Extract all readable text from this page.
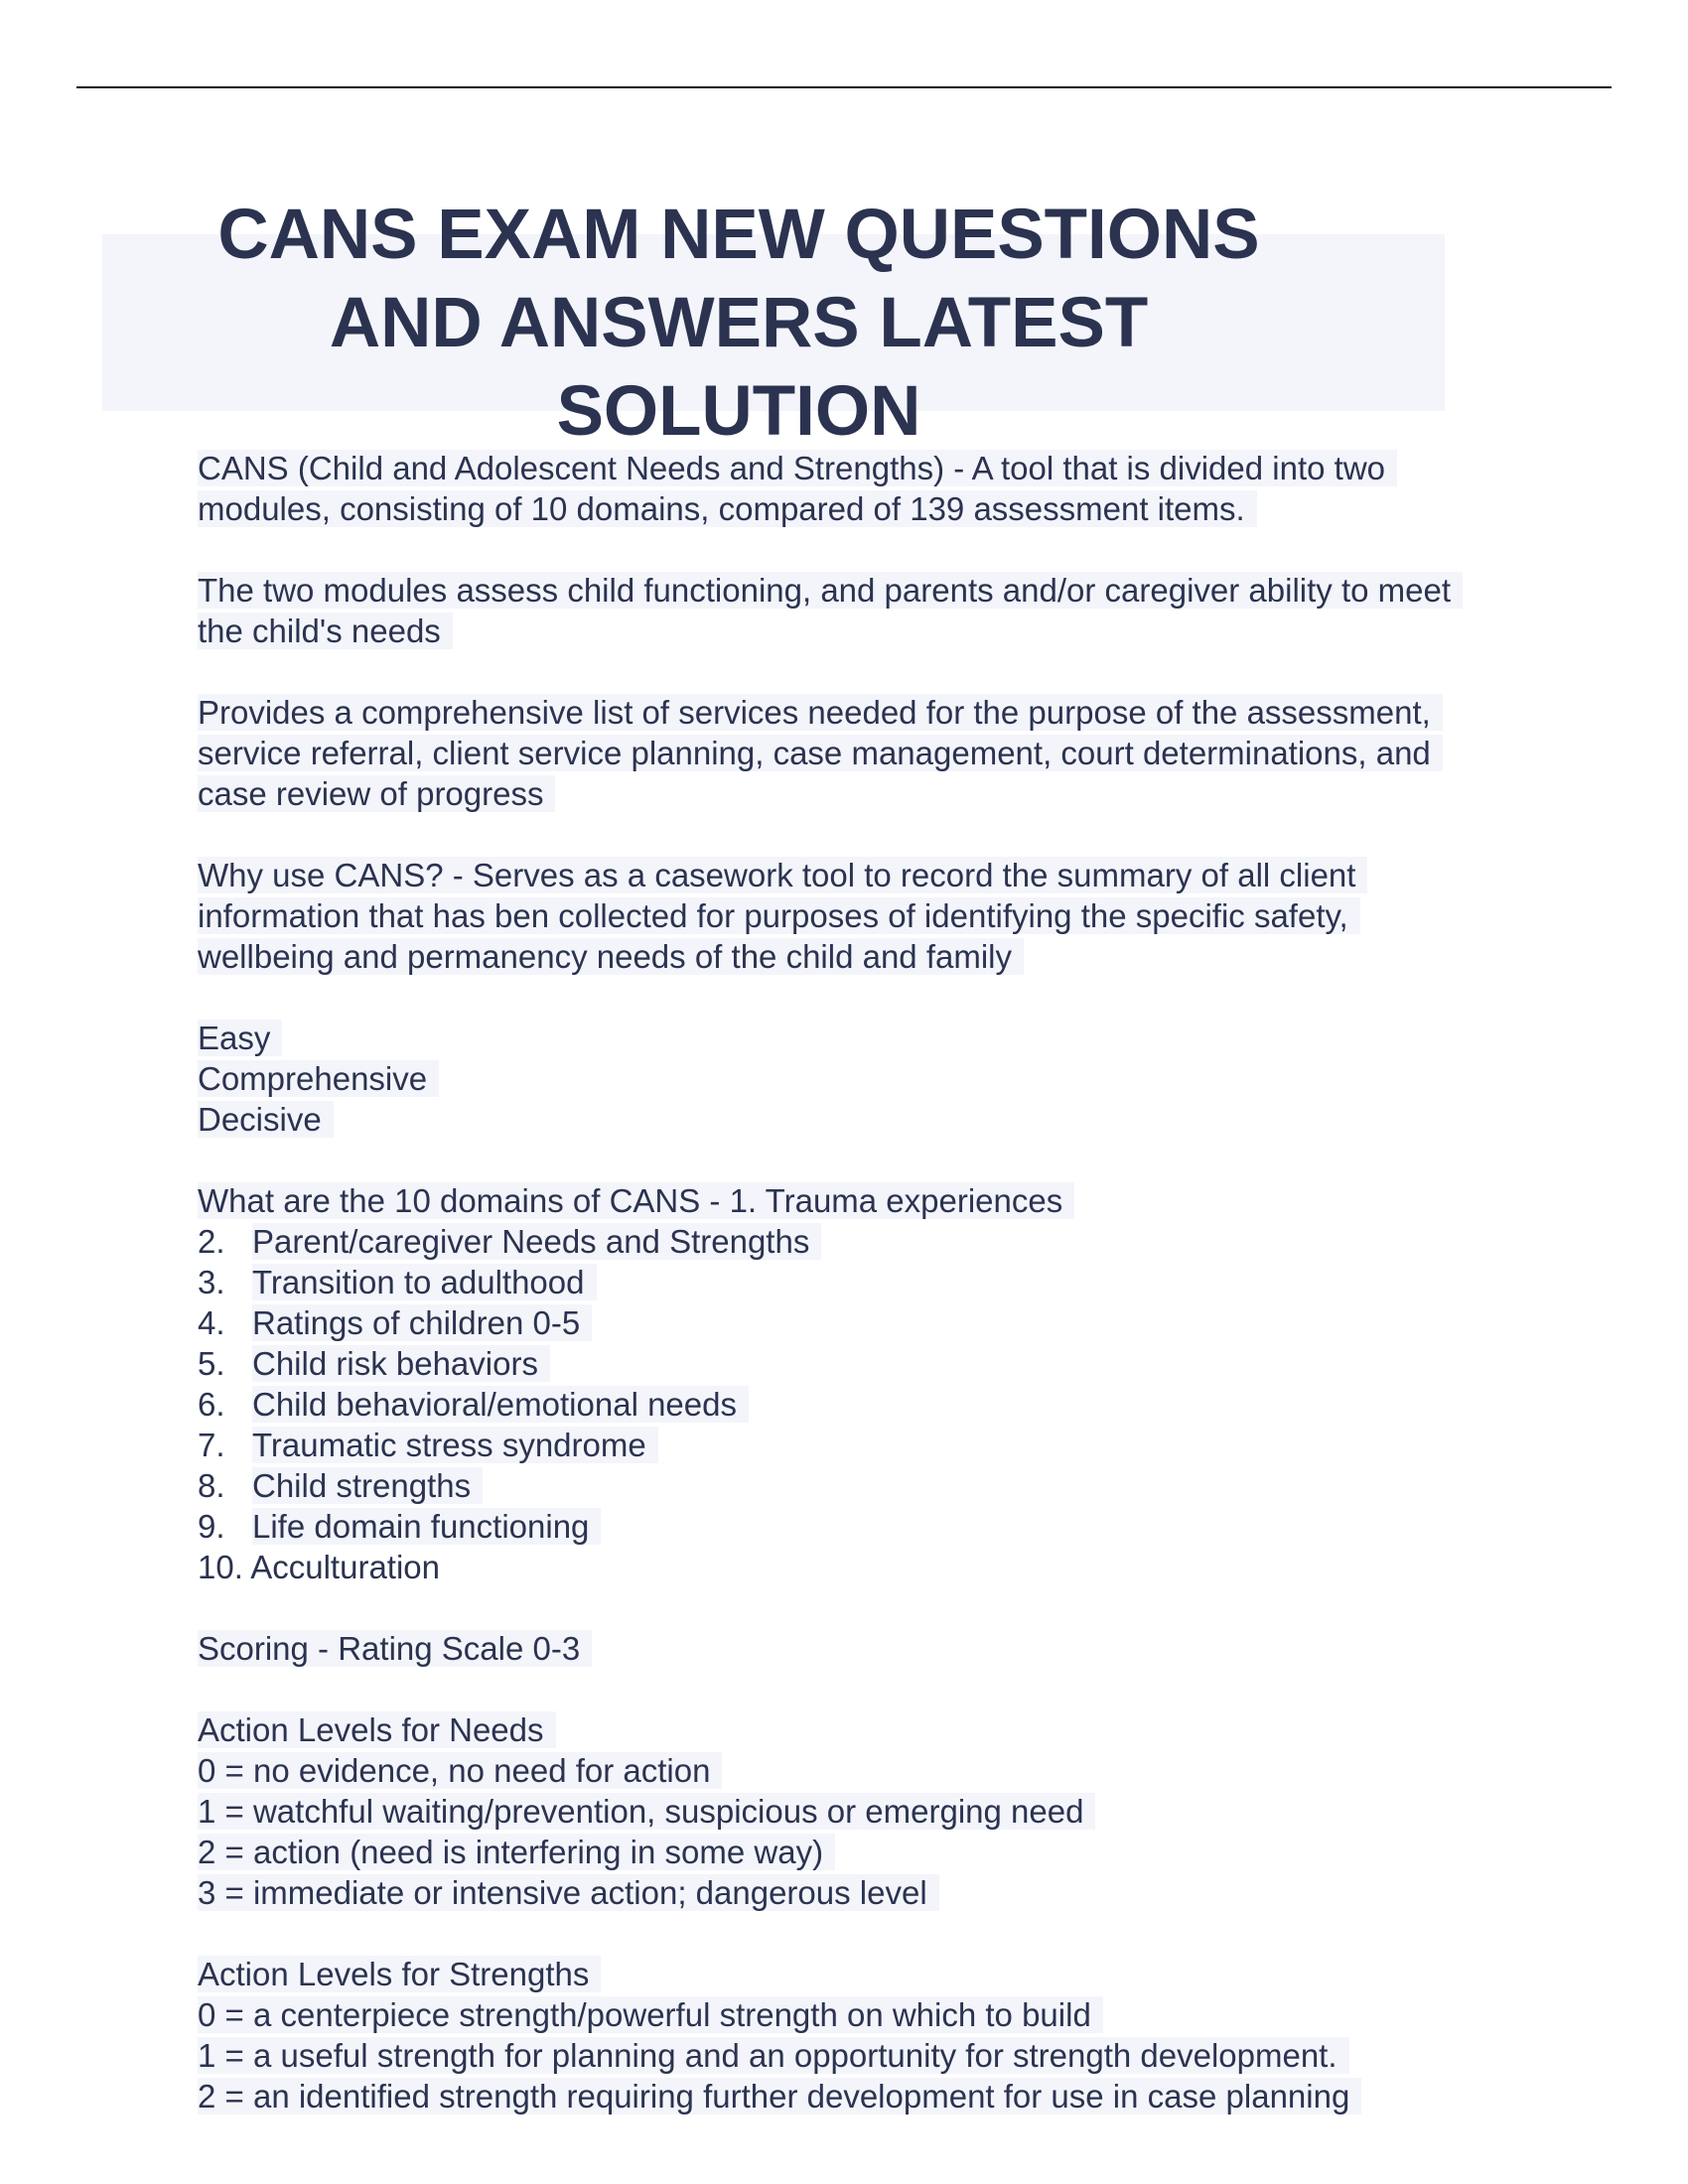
CANS EXAM NEW QUESTIONS AND ANSWERS LATEST SOLUTION
CANS (Child and Adolescent Needs and Strengths) - A tool that is divided into two
modules, consisting of 10 domains, compared of 139 assessment items.
The two modules assess child functioning, and parents and/or caregiver ability to meet
the child's needs
Provides a comprehensive list of services needed for the purpose of the assessment,
service referral, client service planning, case management, court determinations, and
case review of progress
Why use CANS? - Serves as a casework tool to record the summary of all client
information that has ben collected for purposes of identifying the specific safety,
wellbeing and permanency needs of the child and family
Easy
Comprehensive
Decisive
What are the 10 domains of CANS - 1. Trauma experiences
2. Parent/caregiver Needs and Strengths
3. Transition to adulthood
4. Ratings of children 0-5
5. Child risk behaviors
6. Child behavioral/emotional needs
7. Traumatic stress syndrome
8. Child strengths
9. Life domain functioning
10. Acculturation
Scoring - Rating Scale 0-3
Action Levels for Needs
0 = no evidence, no need for action
1 = watchful waiting/prevention, suspicious or emerging need
2 = action (need is interfering in some way)
3 = immediate or intensive action; dangerous level
Action Levels for Strengths
0 = a centerpiece strength/powerful strength on which to build
1 = a useful strength for planning and an opportunity for strength development.
2 = an identified strength requiring further development for use in case planning
